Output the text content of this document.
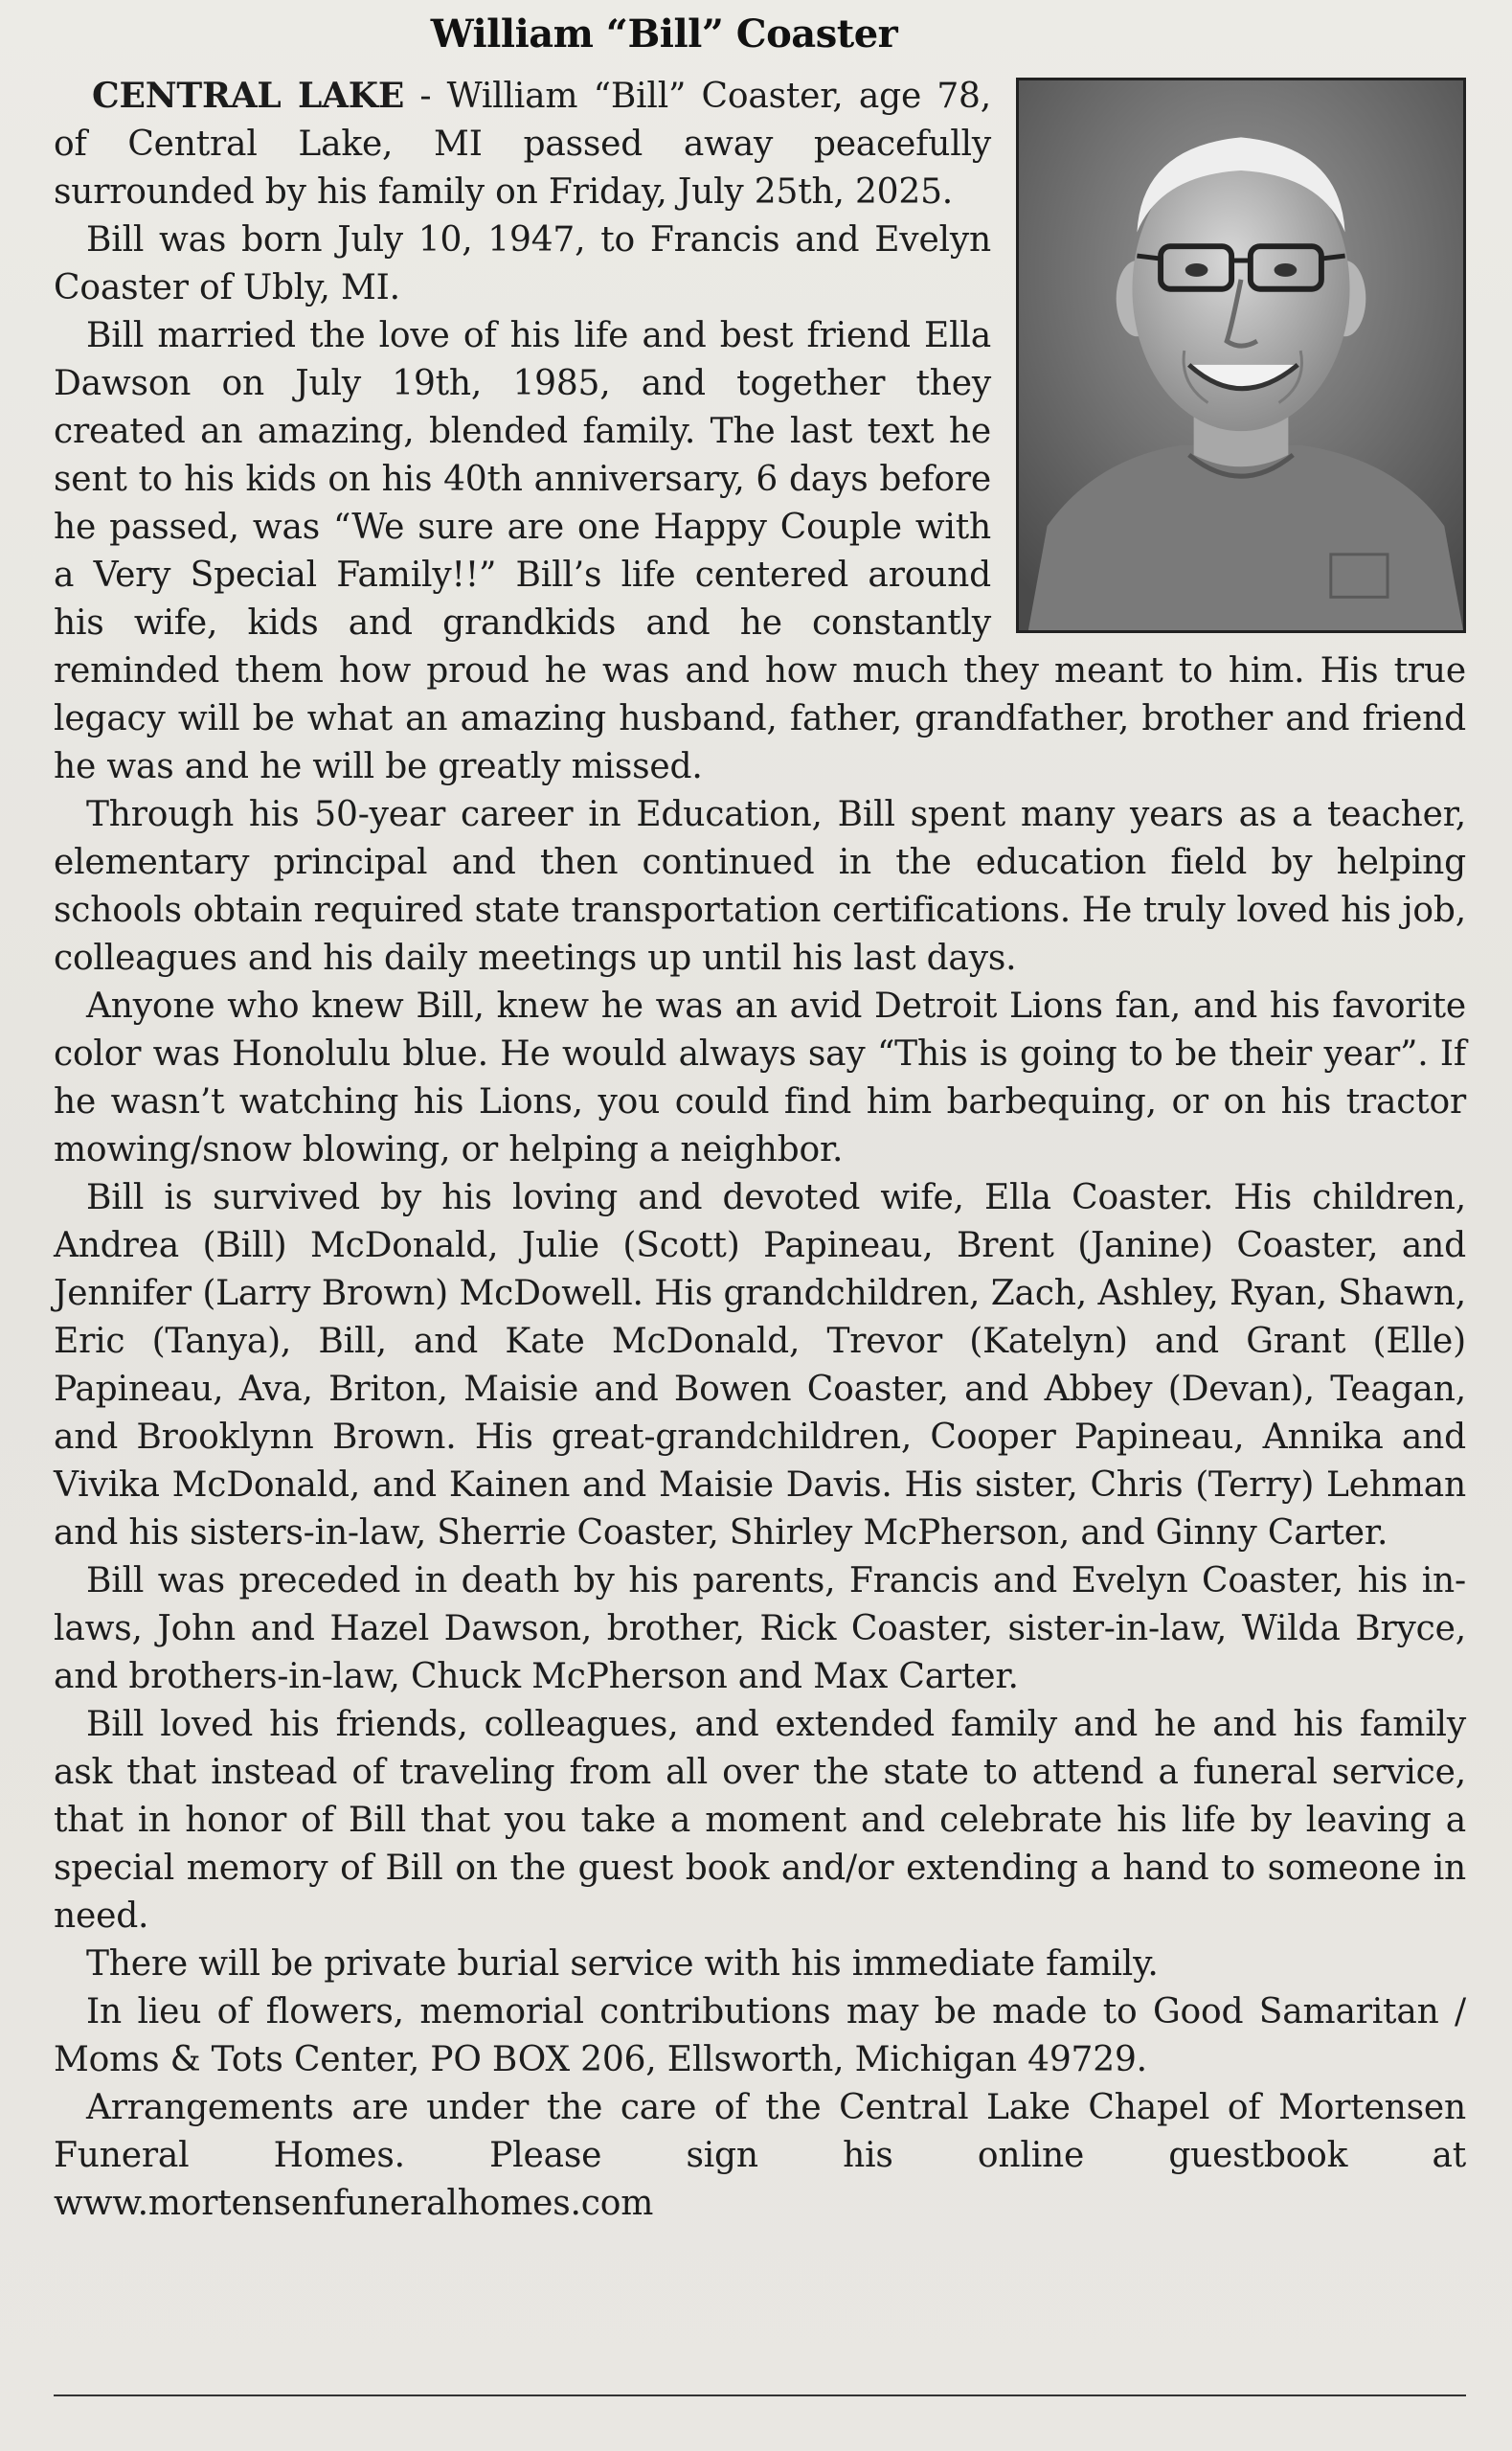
William “Bill” Coaster

CENTRAL LAKE - William “Bill” Coaster, age 78, of Central Lake, MI passed away peacefully surrounded by his family on Friday, July 25th, 2025.

Bill was born July 10, 1947, to Francis and Evelyn Coaster of Ubly, MI.

Bill married the love of his life and best friend Ella Dawson on July 19th, 1985, and together they created an amazing, blended family. The last text he sent to his kids on his 40th anniversary, 6 days before he passed, was “We sure are one Happy Couple with a Very Special Family!!” Bill’s life centered around his wife, kids and grandkids and he constantly reminded them how proud he was and how much they meant to him. His true legacy will be what an amazing husband, father, grandfather, brother and friend he was and he will be greatly missed.

Through his 50-year career in Education, Bill spent many years as a teacher, elementary principal and then continued in the education field by helping schools obtain required state transportation certifications. He truly loved his job, colleagues and his daily meetings up until his last days.

Anyone who knew Bill, knew he was an avid Detroit Lions fan, and his favorite color was Honolulu blue. He would always say “This is going to be their year”. If he wasn’t watching his Lions, you could find him barbequing, or on his tractor mowing/snow blowing, or helping a neighbor.

Bill is survived by his loving and devoted wife, Ella Coaster. His children, Andrea (Bill) McDonald, Julie (Scott) Papineau, Brent (Janine) Coaster, and Jennifer (Larry Brown) McDowell. His grandchildren, Zach, Ashley, Ryan, Shawn, Eric (Tanya), Bill, and Kate McDonald, Trevor (Katelyn) and Grant (Elle) Papineau, Ava, Briton, Maisie and Bowen Coaster, and Abbey (Devan), Teagan, and Brooklynn Brown. His great-grandchildren, Cooper Papineau, Annika and Vivika McDonald, and Kainen and Maisie Davis. His sister, Chris (Terry) Lehman and his sisters-in-law, Sherrie Coaster, Shirley McPherson, and Ginny Carter.

Bill was preceded in death by his parents, Francis and Evelyn Coaster, his in-laws, John and Hazel Dawson, brother, Rick Coaster, sister-in-law, Wilda Bryce, and brothers-in-law, Chuck McPherson and Max Carter.

Bill loved his friends, colleagues, and extended family and he and his family ask that instead of traveling from all over the state to attend a funeral service, that in honor of Bill that you take a moment and celebrate his life by leaving a special memory of Bill on the guest book and/or extending a hand to someone in need.

There will be private burial service with his immediate family.

In lieu of flowers, memorial contributions may be made to Good Samaritan / Moms & Tots Center, PO BOX 206, Ellsworth, Michigan 49729.

Arrangements are under the care of the Central Lake Chapel of Mortensen Funeral Homes. Please sign his online guestbook at www.mortensenfuneralhomes.com
